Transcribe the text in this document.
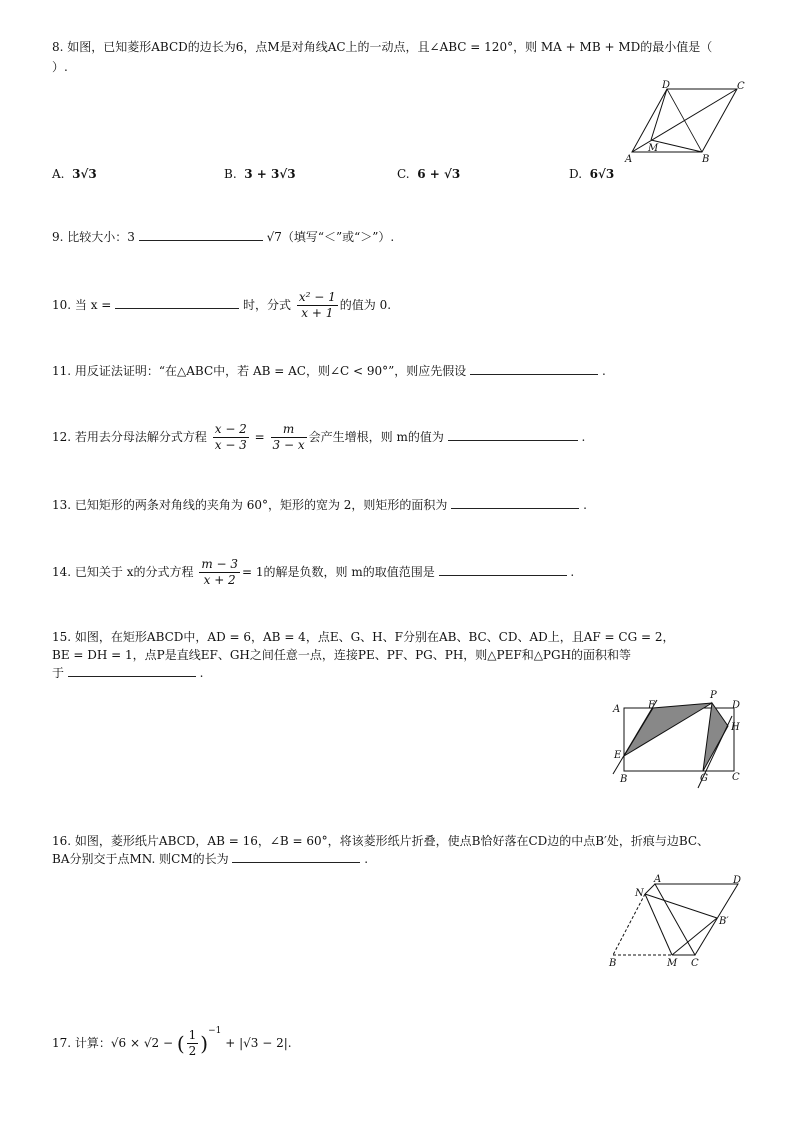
8. 如图，已知菱形ABCD的边长为6，点M是对角线AC上的一动点，且∠ABC = 120°，则 MA + MB + MD的最小值是（
）.
A	B
C
D
M
A. 3√3	B. 3 + 3√3	C. 6 + √3	D. 6√3
9. 比较大小：3	√7（填写“＜”或“＞”）.
10. 当 x =	时，分式 $\frac{\text{x² − 1}}{x + 1}$ 的值为 0.
11. 用反证法证明：“在△ABC中，若 AB = AC，则∠C < 90°”，则应先假设	.
12. 若用去分母法解分式方程 $\frac{x - 2}{x - 3} = \frac{m}{3 - x}$ 会产生增根，则 m的值为	.
13. 已知矩形的两条对角线的夹角为 60°，矩形的宽为 2，则矩形的面积为	.
14. 已知关于 x的分式方程 $\frac{m - 3}{x + 2} = 1$的解是负数，则 m的取值范围是	.
15. 如图，在矩形ABCD中，AD = 6，AB = 4，点E、G、H、F分别在AB、BC、CD、AD上，且AF = CG = 2，
BE = DH = 1，点P是直线EF、GH之间任意一点，连接PE、PF、PG、PH，则△PEF和△PGH的面积和等
于	.
A
B	C
D
E
F
G
H
P
16. 如图，菱形纸片ABCD，AB = 16，∠B = 60°，将该菱形纸片折叠，使点B恰好落在CD边的中点B′处，折痕与边BC、
BA分别交于点MN. 则CM的长为	.
A
B	C
D
M
N
B′
17. 计算：√6 × √2 − ( $\frac{1}{2} )^{-1} + |√3 - 2|$.
